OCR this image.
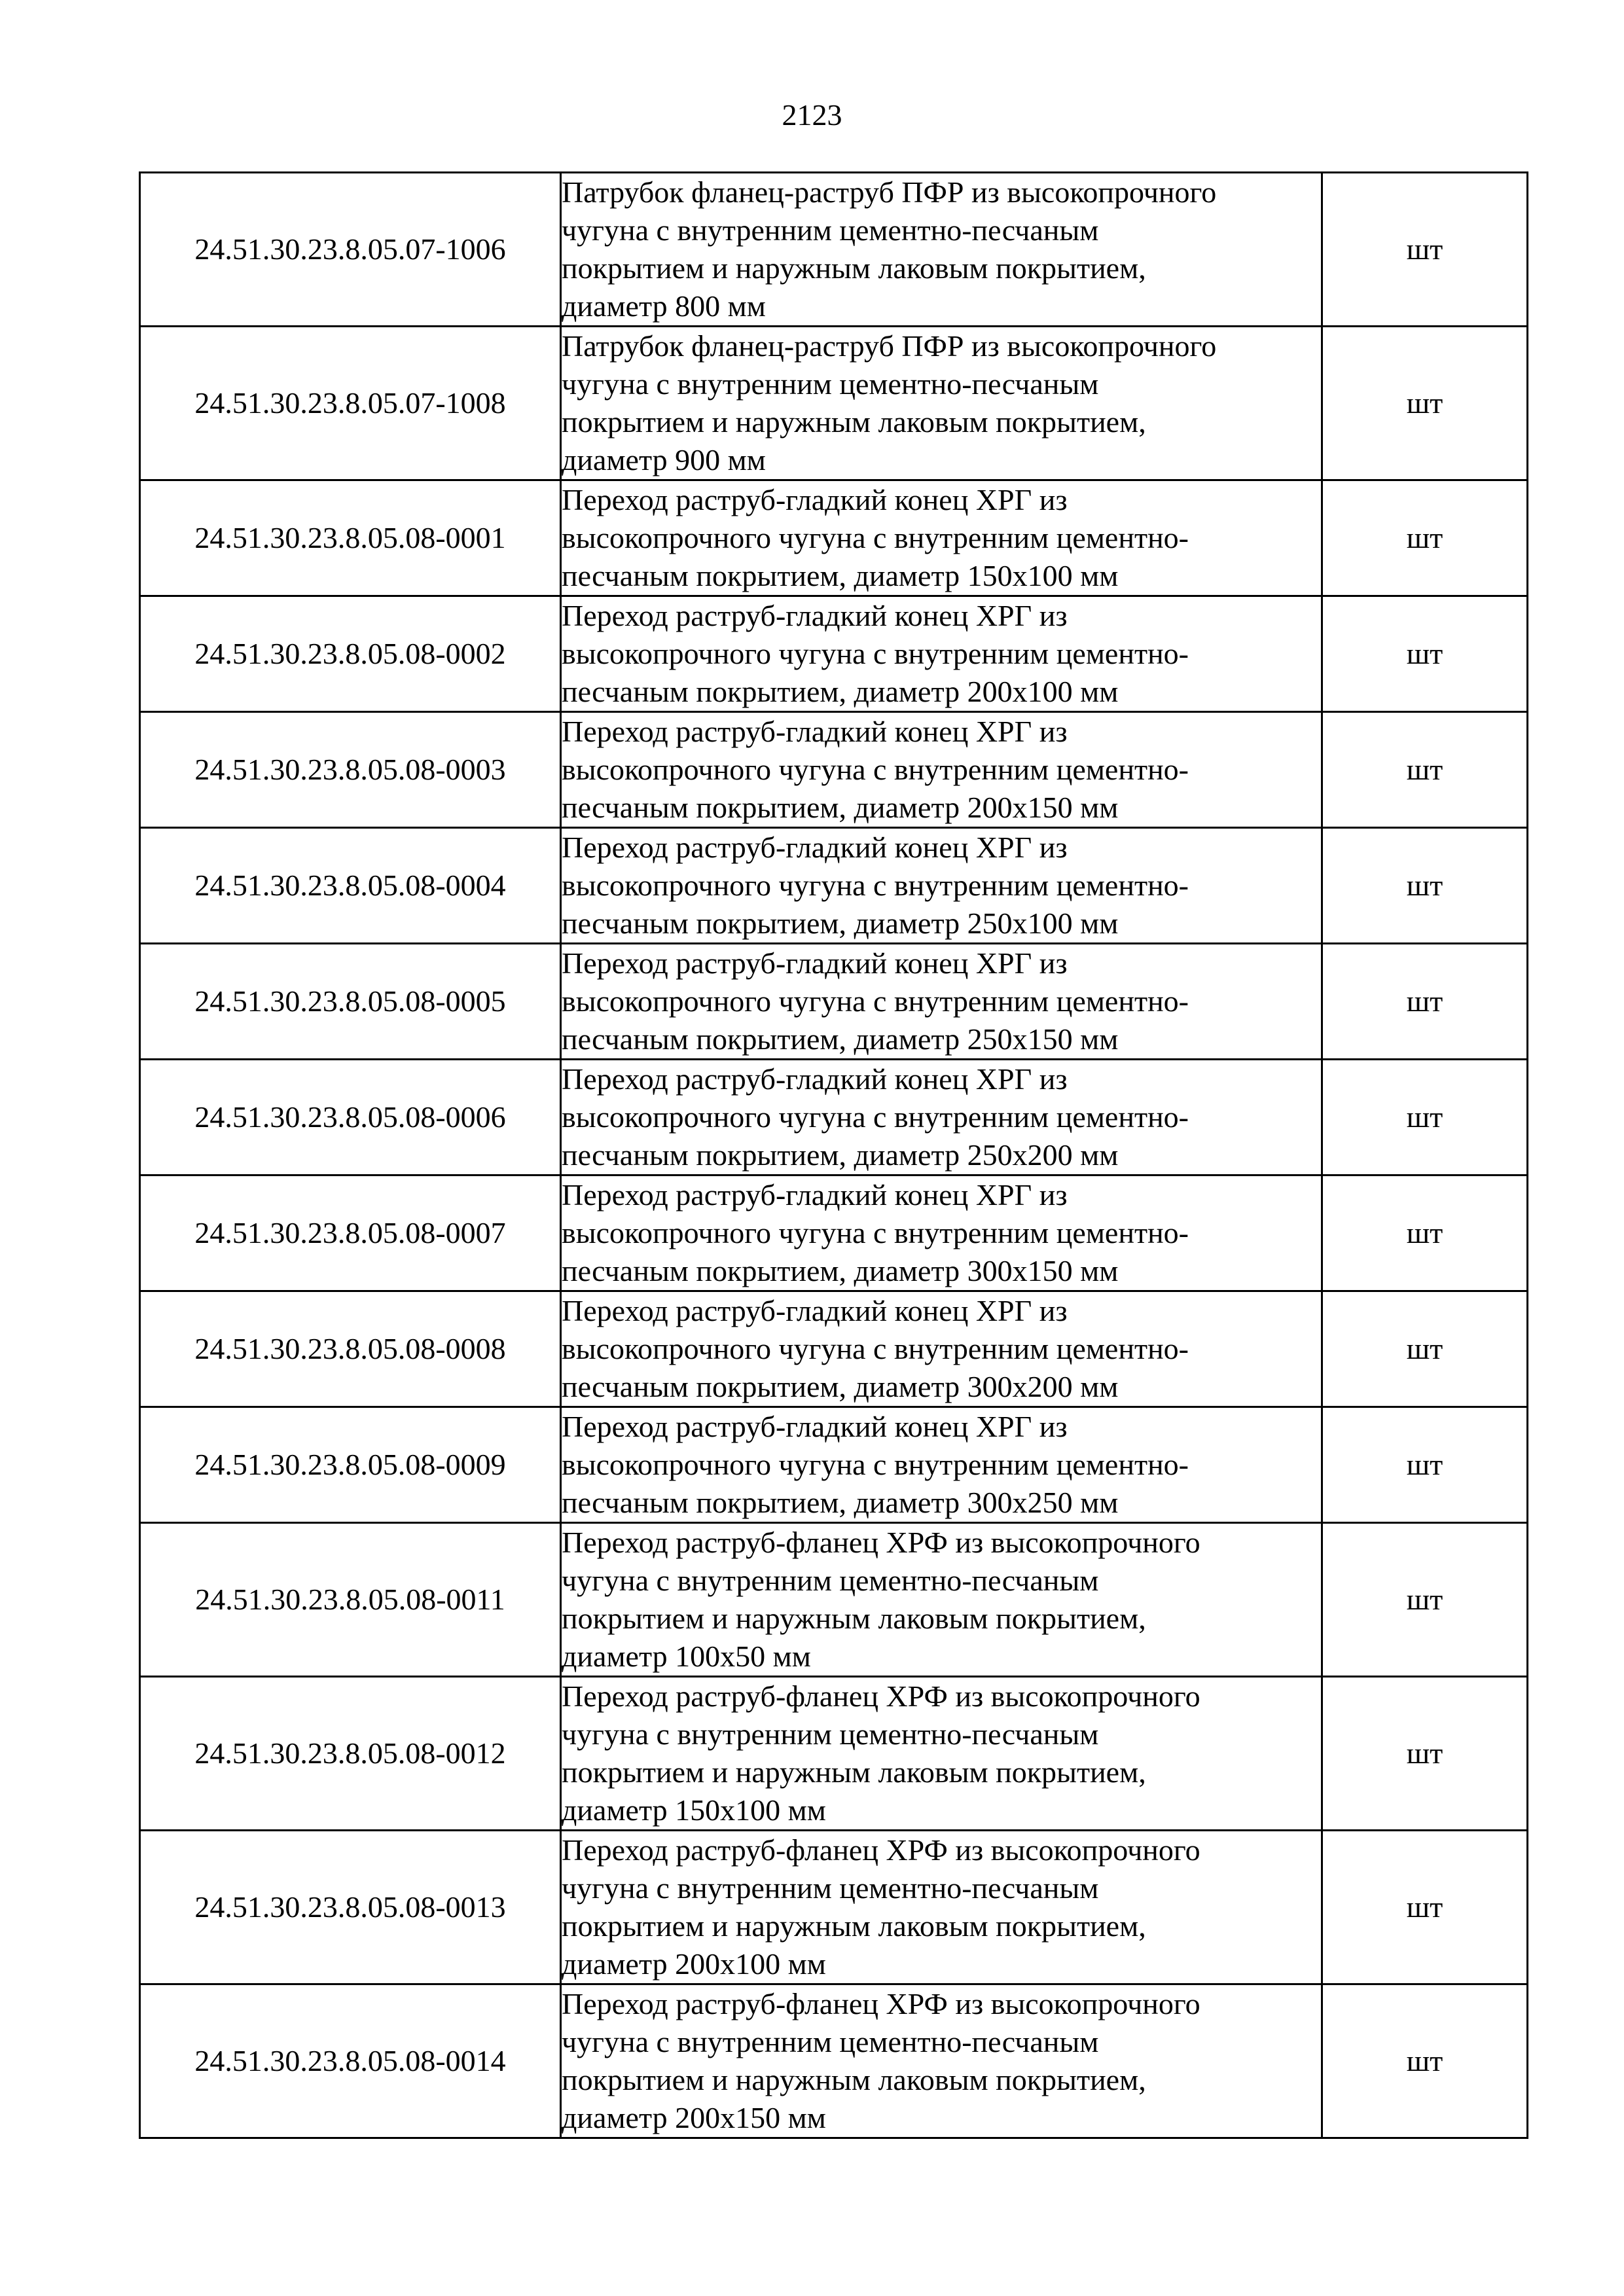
2123
24.51.30.23.8.05.07-1006	Патрубок фланец-раструб ПФР из высокопрочного
чугуна с внутренним цементно-песчаным
покрытием и наружным лаковым покрытием,
диаметр 800 мм	шт
24.51.30.23.8.05.07-1008	Патрубок фланец-раструб ПФР из высокопрочного
чугуна с внутренним цементно-песчаным
покрытием и наружным лаковым покрытием,
диаметр 900 мм	шт
24.51.30.23.8.05.08-0001	Переход раструб-гладкий конец ХРГ из
высокопрочного чугуна с внутренним цементно-
песчаным покрытием, диаметр 150х100 мм	шт
24.51.30.23.8.05.08-0002	Переход раструб-гладкий конец ХРГ из
высокопрочного чугуна с внутренним цементно-
песчаным покрытием, диаметр 200х100 мм	шт
24.51.30.23.8.05.08-0003	Переход раструб-гладкий конец ХРГ из
высокопрочного чугуна с внутренним цементно-
песчаным покрытием, диаметр 200х150 мм	шт
24.51.30.23.8.05.08-0004	Переход раструб-гладкий конец ХРГ из
высокопрочного чугуна с внутренним цементно-
песчаным покрытием, диаметр 250х100 мм	шт
24.51.30.23.8.05.08-0005	Переход раструб-гладкий конец ХРГ из
высокопрочного чугуна с внутренним цементно-
песчаным покрытием, диаметр 250х150 мм	шт
24.51.30.23.8.05.08-0006	Переход раструб-гладкий конец ХРГ из
высокопрочного чугуна с внутренним цементно-
песчаным покрытием, диаметр 250х200 мм	шт
24.51.30.23.8.05.08-0007	Переход раструб-гладкий конец ХРГ из
высокопрочного чугуна с внутренним цементно-
песчаным покрытием, диаметр 300х150 мм	шт
24.51.30.23.8.05.08-0008	Переход раструб-гладкий конец ХРГ из
высокопрочного чугуна с внутренним цементно-
песчаным покрытием, диаметр 300х200 мм	шт
24.51.30.23.8.05.08-0009	Переход раструб-гладкий конец ХРГ из
высокопрочного чугуна с внутренним цементно-
песчаным покрытием, диаметр 300х250 мм	шт
24.51.30.23.8.05.08-0011	Переход раструб-фланец ХРФ из высокопрочного
чугуна с внутренним цементно-песчаным
покрытием и наружным лаковым покрытием,
диаметр 100х50 мм	шт
24.51.30.23.8.05.08-0012	Переход раструб-фланец ХРФ из высокопрочного
чугуна с внутренним цементно-песчаным
покрытием и наружным лаковым покрытием,
диаметр 150х100 мм	шт
24.51.30.23.8.05.08-0013	Переход раструб-фланец ХРФ из высокопрочного
чугуна с внутренним цементно-песчаным
покрытием и наружным лаковым покрытием,
диаметр 200х100 мм	шт
24.51.30.23.8.05.08-0014	Переход раструб-фланец ХРФ из высокопрочного
чугуна с внутренним цементно-песчаным
покрытием и наружным лаковым покрытием,
диаметр 200х150 мм	шт
